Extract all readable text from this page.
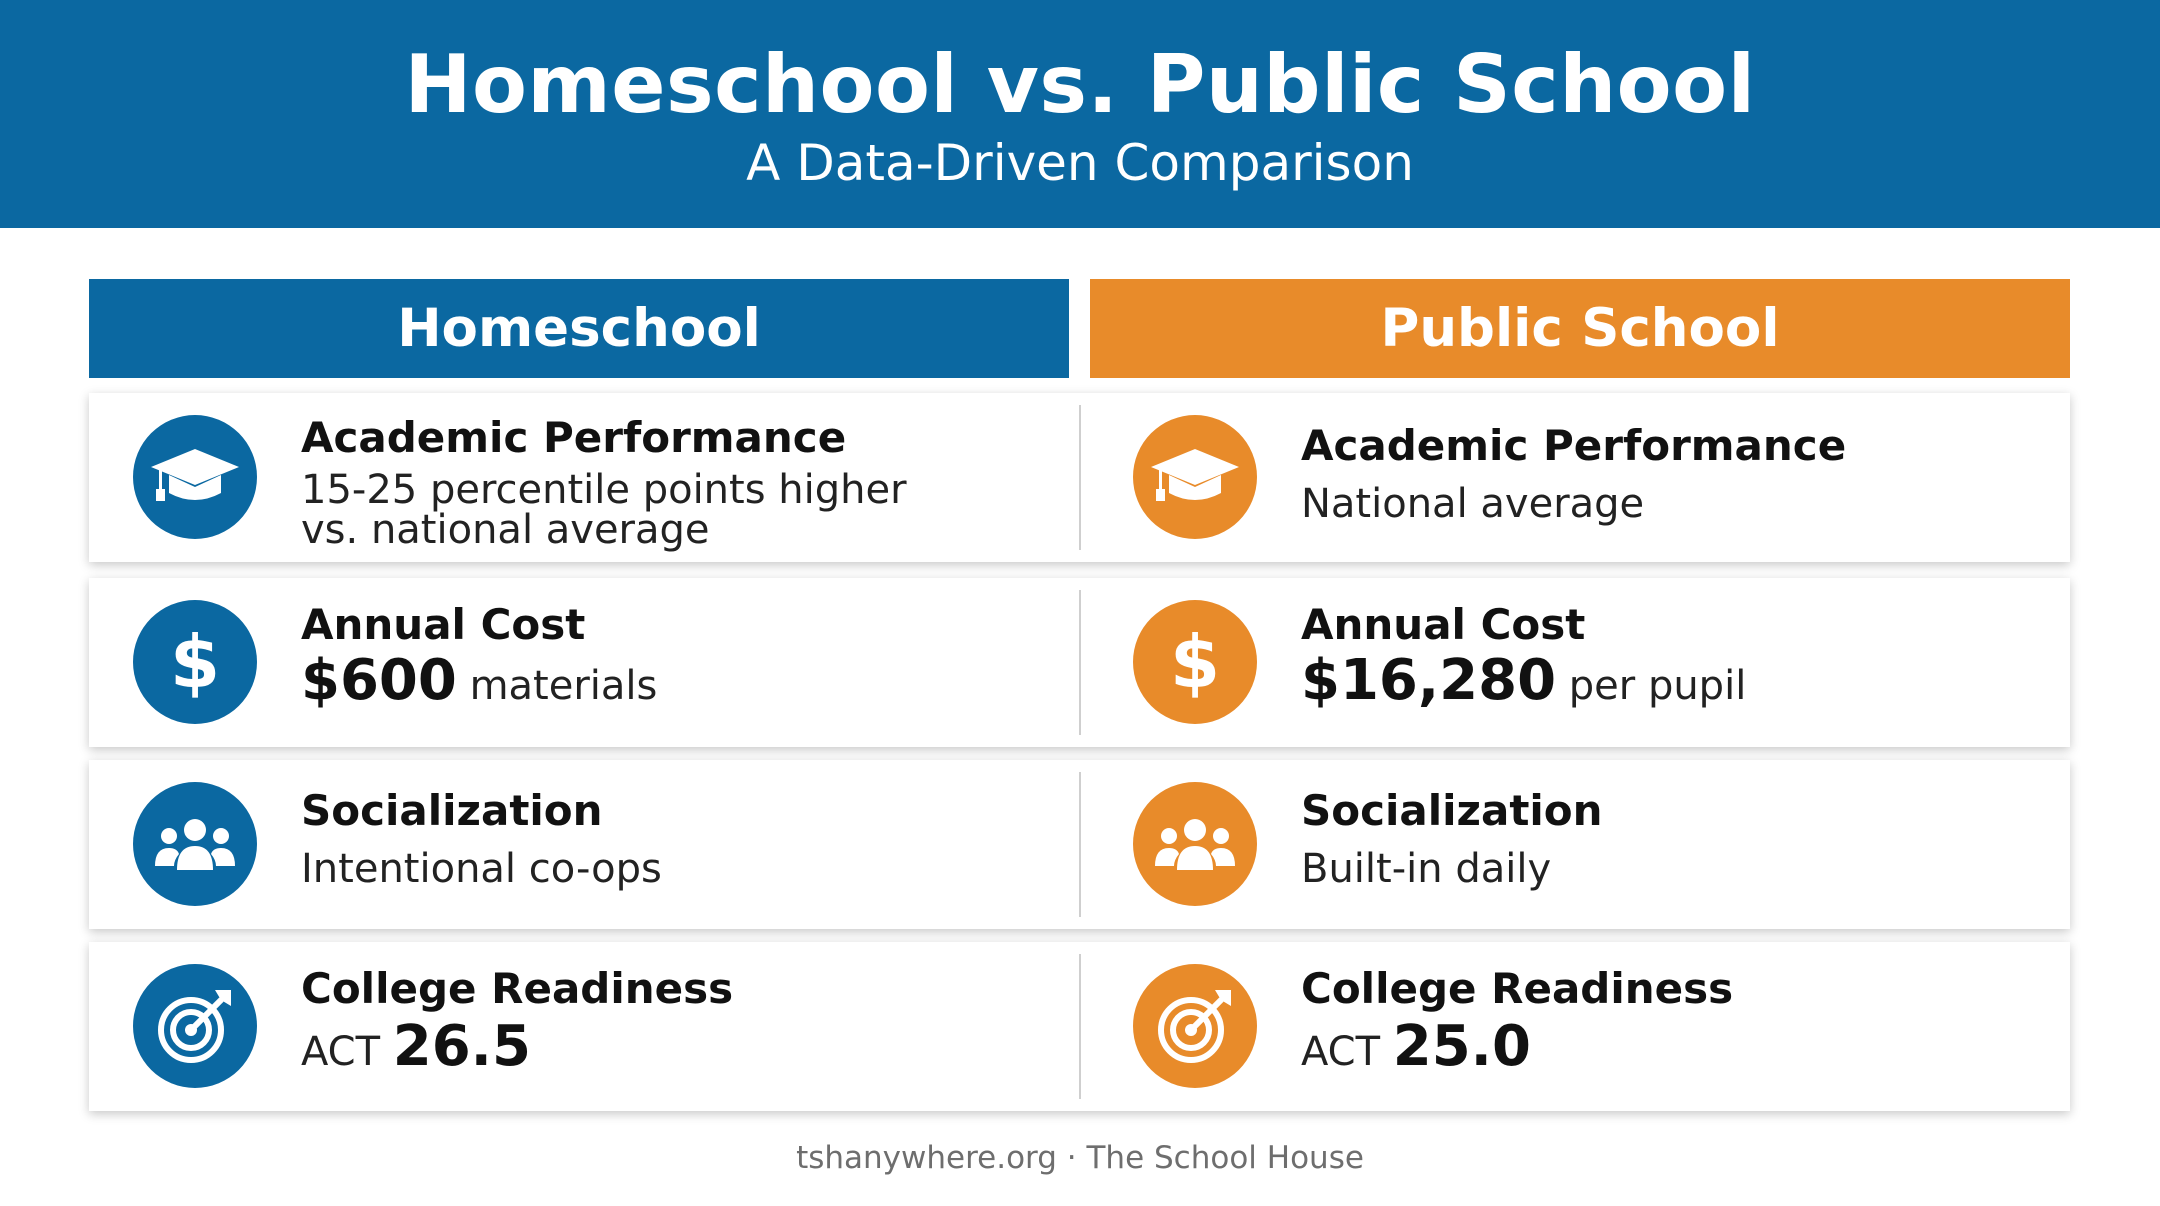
Homeschool vs. Public School
A Data-Driven Comparison
Homeschool	Public School
Academic Performance
15-25 percentile points higher
vs. national average
Academic Performance
National average
$ Annual Cost
$600 materials	$ Annual Cost
$16,280 per pupil
Socialization
Intentional co-ops
Socialization
Built-in daily
College Readiness
ACT 26.5
College Readiness
ACT 25.0
tshanywhere.org · The School House
